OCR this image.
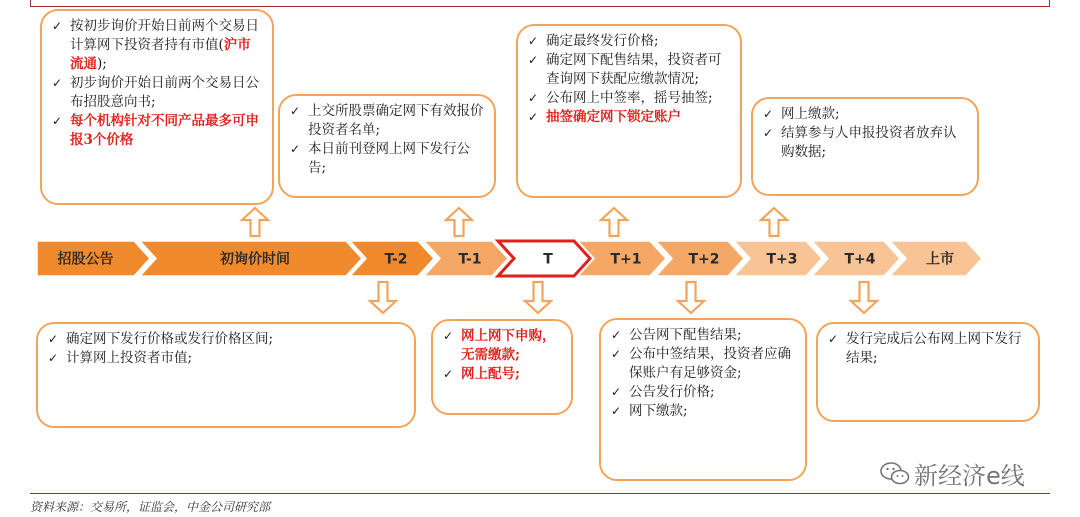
✓ 按初步询价开始日前两个交易日计算网下投资者持有市值(沪市流通);
✓ 初步询价开始日前两个交易日公布招股意向书;
✓ 每个机构针对不同产品最多可申报3个价格
✓ 上交所股票确定网下有效报价投资者名单;
✓ 本日前刊登网上网下发行公告;
✓ 确定最终发行价格;
✓ 确定网下配售结果，投资者可查询网下获配应缴款情况;
✓ 公布网上中签率，摇号抽签;
✓ 抽签确定网下锁定账户	✓ 网上缴款;
✓ 结算参与人申报投资者放弃认购数据;
招股公告	初询价时间	T-2	T-1	T	T+1	T+2	T+3	T+4	上市
✓ 确定网下发行价格或发行价格区间;
✓ 计算网上投资者市值;
✓ 网上网下申购，无需缴款;
✓ 网上配号;
✓ 公告网下配售结果;
✓ 公布中签结果，投资者应确保账户有足够资金;
✓ 公告发行价格;
✓ 网下缴款;
✓ 发行完成后公布网上网下发行结果;
资料来源：交易所，证监会，中金公司研究部
新经济e线
